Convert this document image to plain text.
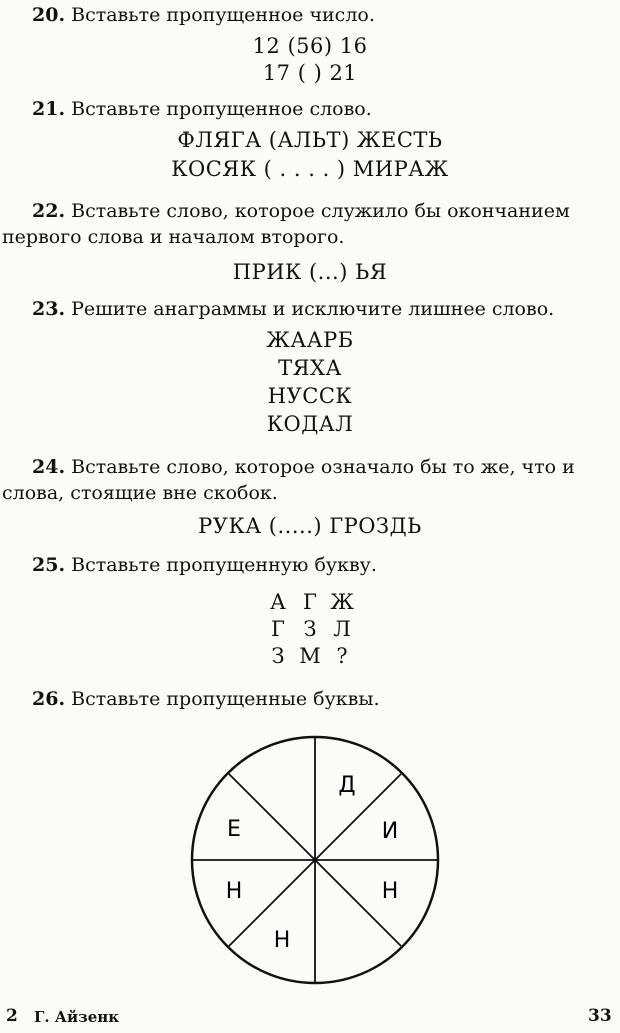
20. Вставьте пропущенное число.
12 (56) 16
17 ( ) 21
21. Вставьте пропущенное слово.
ФЛЯГА (АЛЬТ) ЖЕСТЬ
КОСЯК ( . . . . ) МИРАЖ
22. Вставьте слово, которое служило бы окончанием
первого слова и началом второго.
ПРИК (...) ЬЯ
23. Решите анаграммы и исключите лишнее слово.
ЖААРБ
ТЯХА
НУССК
КОДАЛ
24. Вставьте слово, которое означало бы то же, что и
слова, стоящие вне скобок.
РУКА (.....) ГРОЗДЬ
25. Вставьте пропущенную букву.
А Г Ж
Г З Л
З М ?
26. Вставьте пропущенные буквы.
Д
И
Н
Н
Н
Е
2 Г. Айзенк	33
